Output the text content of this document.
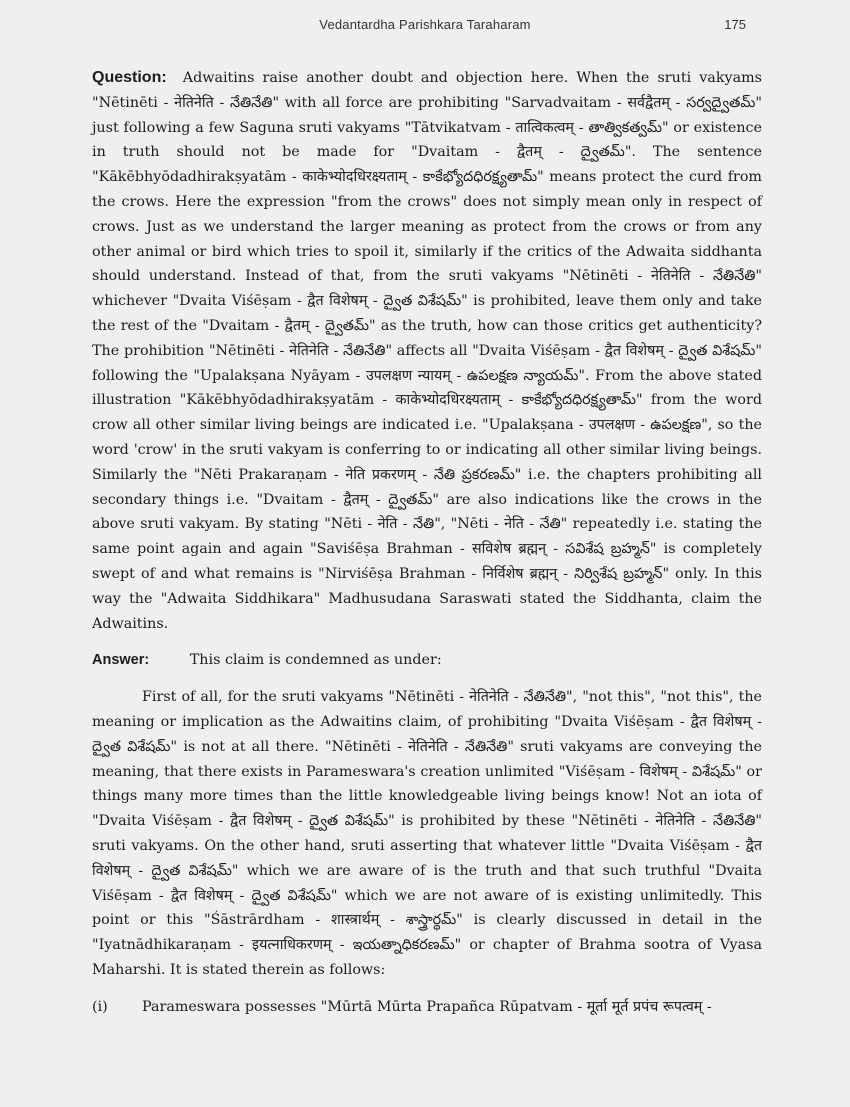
Vedantardha Parishkara Taraharam	175

Question: Adwaitins raise another doubt and objection here. When the sruti vakyams "Nētinēti - नेतिनेति - నేతినేతి" with all force are prohibiting "Sarvadvaitam - सर्वद्वैतम् - సర్వద్వైతమ్" just following a few Saguna sruti vakyams "Tātvikatvam - तात्विकत्वम् - తాత్వికత్వమ్" or existence in truth should not be made for "Dvaitam - द्वैतम् - ద్వైతమ్". The sentence "Kākēbhyōdadhirakṣyatām - काकेभ्योदधिरक्ष्यताम् - కాకేభ్యోదధిరక్ష్యతామ్" means protect the curd from the crows. Here the expression "from the crows" does not simply mean only in respect of crows. Just as we understand the larger meaning as protect from the crows or from any other animal or bird which tries to spoil it, similarly if the critics of the Adwaita siddhanta should understand. Instead of that, from the sruti vakyams "Nētinēti - नेतिनेति - నేతినేతి" whichever "Dvaita Viśēṣam - द्वैत विशेषम् - ద్వైత విశేషమ్" is prohibited, leave them only and take the rest of the "Dvaitam - द्वैतम् - ద్వైతమ్" as the truth, how can those critics get authenticity? The prohibition "Nētinēti - नेतिनेति - నేతినేతి" affects all "Dvaita Viśēṣam - द्वैत विशेषम् - ద్వైత విశేషమ్" following the "Upalakṣana Nyāyam - उपलक्षण न्यायम् - ఉపలక్షణ న్యాయమ్". From the above stated illustration "Kākēbhyōdadhirakṣyatām - काकेभ्योदधिरक्ष्यताम् - కాకేభ్యోదధిరక్ష్యతామ్" from the word crow all other similar living beings are indicated i.e. "Upalakṣana - उपलक्षण - ఉపలక్షణ", so the word 'crow' in the sruti vakyam is conferring to or indicating all other similar living beings. Similarly the "Nēti Prakaraṇam - नेति प्रकरणम् - నేతి ప్రకరణమ్" i.e. the chapters prohibiting all secondary things i.e. "Dvaitam - द्वैतम् - ద్వైతమ్" are also indications like the crows in the above sruti vakyam. By stating "Nēti - नेति - నేతి", "Nēti - नेति - నేతి" repeatedly i.e. stating the same point again and again "Saviśēṣa Brahman - सविशेष ब्रह्मन् - సవిశేష బ్రహ్మన్" is completely swept of and what remains is "Nirviśēṣa Brahman - निर्विशेष ब्रह्मन् - నిర్విశేష బ్రహ్మన్" only. In this way the "Adwaita Siddhikara" Madhusudana Saraswati stated the Siddhanta, claim the Adwaitins.

Answer:	This claim is condemned as under:

First of all, for the sruti vakyams "Nētinēti - नेतिनेति - నేతినేతి", "not this", "not this", the meaning or implication as the Adwaitins claim, of prohibiting "Dvaita Viśēṣam - द्वैत विशेषम् - ద్వైత విశేషమ్" is not at all there. "Nētinēti - नेतिनेति - నేతినేతి" sruti vakyams are conveying the meaning, that there exists in Parameswara's creation unlimited "Viśēṣam - विशेषम् - విశేషమ్" or things many more times than the little knowledgeable living beings know! Not an iota of "Dvaita Viśēṣam - द्वैत विशेषम् - ద్వైత విశేషమ్" is prohibited by these "Nētinēti - नेतिनेति - నేతినేతి" sruti vakyams. On the other hand, sruti asserting that whatever little "Dvaita Viśēṣam - द्वैत विशेषम् - ద్వైత విశేషమ్" which we are aware of is the truth and that such truthful "Dvaita Viśēṣam - द्वैत विशेषम् - ద్వైత విశేషమ్" which we are not aware of is existing unlimitedly. This point or this "Śāstrārdham - शास्त्रार्थम् - శాస్త్రార్థమ్" is clearly discussed in detail in the "Iyatnādhikaraṇam - इयत्नाधिकरणम् - ఇయత్నాధికరణమ్" or chapter of Brahma sootra of Vyasa Maharshi. It is stated therein as follows:

(i) Parameswara possesses "Mūrtā Mūrta Prapañca Rūpatvam - मूर्ता मूर्त प्रपंच रूपत्वम् -
